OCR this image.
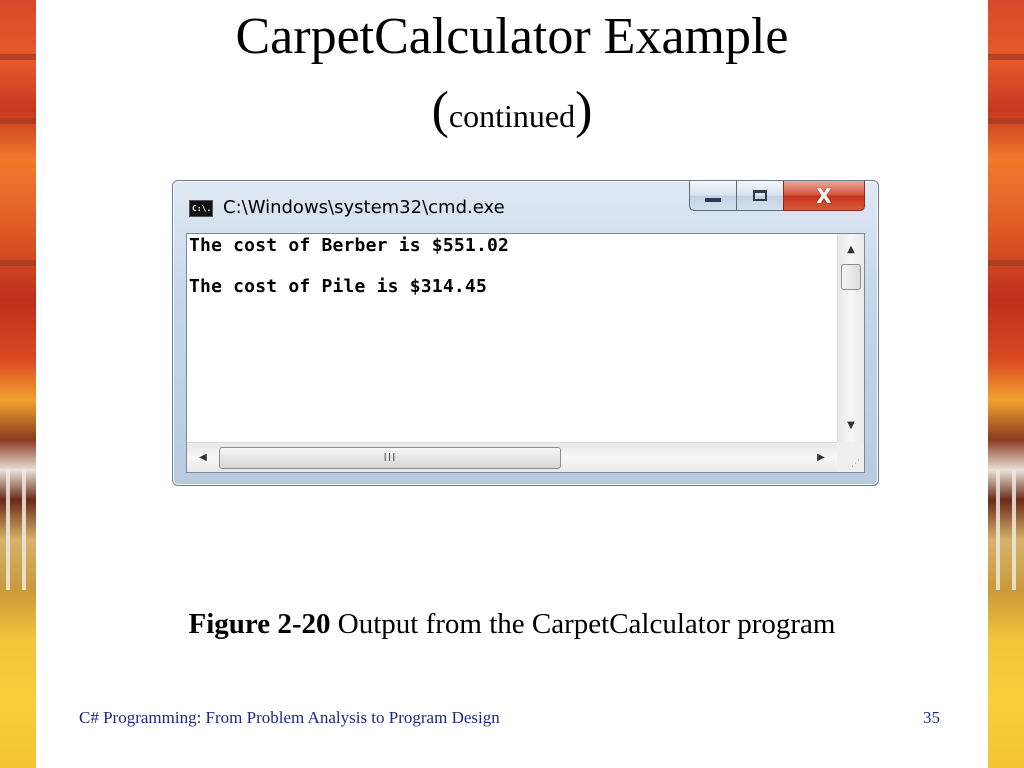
CarpetCalculator Example
(continued)
C:\. C:\Windows\system32\cmd.exe	X
The cost of Berber is $551.02
The cost of Pile is $314.45
▲
▼
◀	III	▶
⋰
Figure 2-20 Output from the CarpetCalculator program
C# Programming: From Problem Analysis to Program Design	35
